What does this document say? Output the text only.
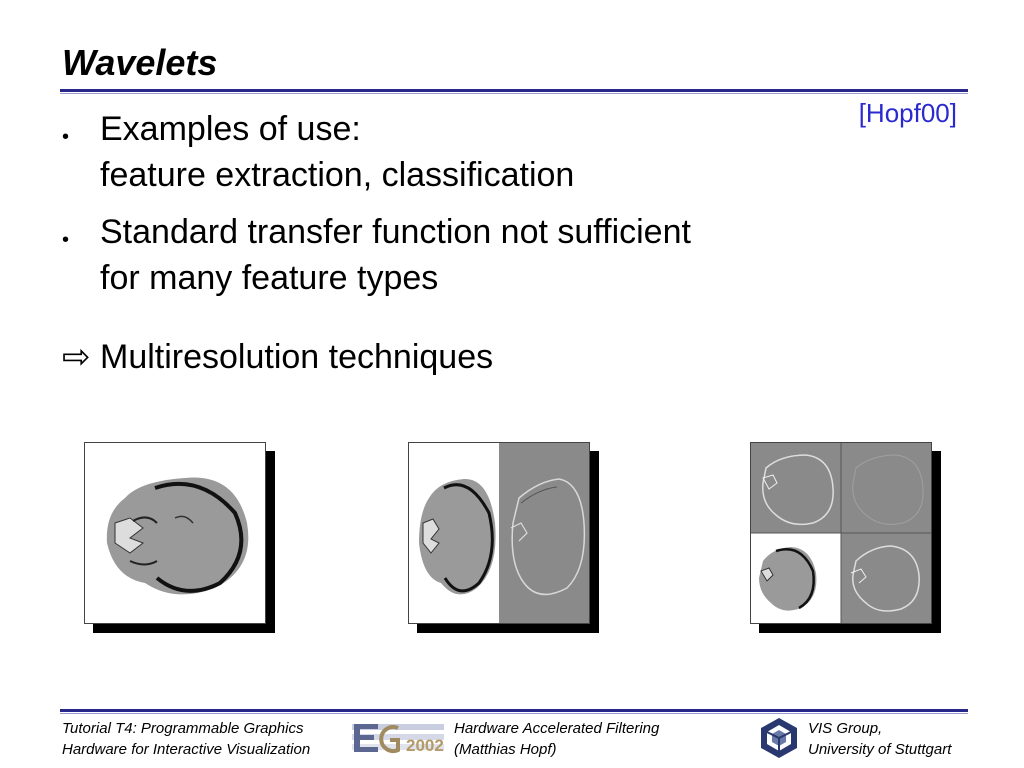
Wavelets
[Hopf00]
• Examples of use:
feature extraction, classification
• Standard transfer function not sufficient
for many feature types
⇨ Multiresolution techniques
Tutorial T4: Programmable Graphics
Hardware for Interactive Visualization	2002
Hardware Accelerated Filtering
(Matthias Hopf)
VIS Group,
University of Stuttgart
